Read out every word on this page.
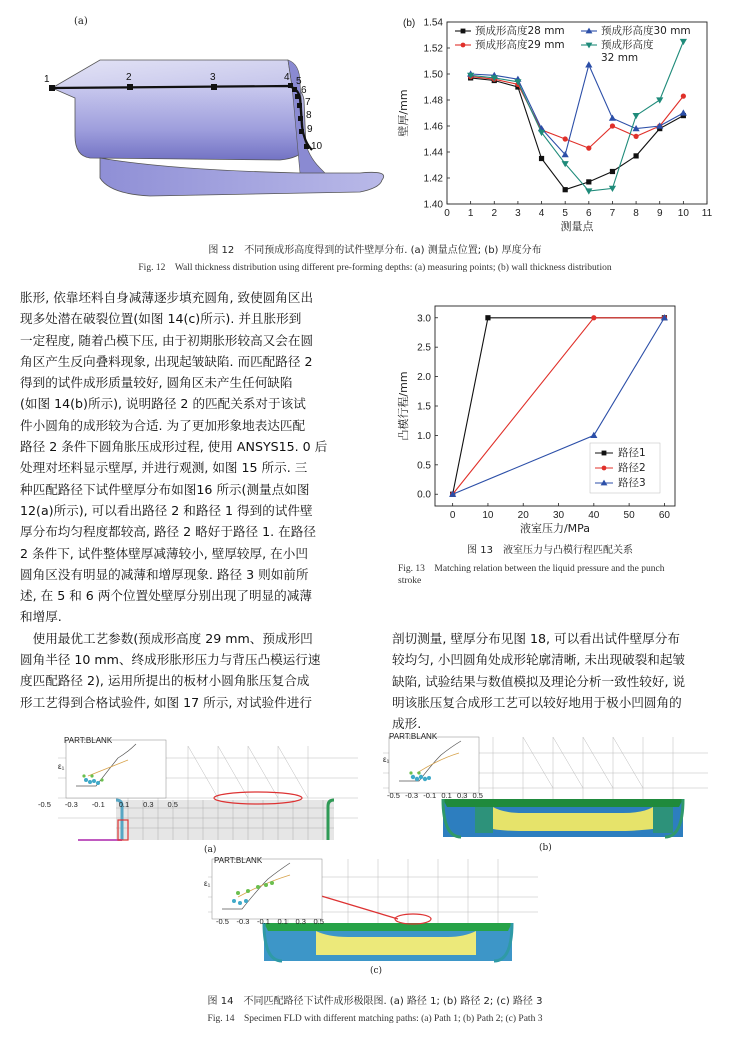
1	2	3	4 5
6
7
8
9
10
(a)
0 1 2 3 4 5 6 7 8 9 10 11
1.40
1.42
1.44
1.46
1.48
1.50
1.52
1.54
测量点
壁厚/mm
预成形高度28 mm
预成形高度29 mm
预成形高度30 mm
预成形高度
32 mm
(b)
图 12　不同预成形高度得到的试件壁厚分布. (a) 测量点位置; (b) 厚度分布
Fig. 12　Wall thickness distribution using different pre-forming depths: (a) measuring points; (b) wall thickness distribution
胀形, 依靠坯料自身减薄逐步填充圆角, 致使圆角区出
现多处潜在破裂位置(如图 14(c)所示). 并且胀形到
一定程度, 随着凸模下压, 由于初期胀形较高又会在圆
角区产生反向叠料现象, 出现起皱缺陷. 而匹配路径 2
得到的试件成形质量较好, 圆角区未产生任何缺陷
(如图 14(b)所示), 说明路径 2 的匹配关系对于该试
件小圆角的成形较为合适. 为了更加形象地表达匹配
路径 2 条件下圆角胀压成形过程, 使用 ANSYS15. 0 后
处理对坯料显示壁厚, 并进行观测, 如图 15 所示. 三
种匹配路径下试件壁厚分布如图16 所示(测量点如图
12(a)所示), 可以看出路径 2 和路径 1 得到的试件壁
厚分布均匀程度都较高, 路径 2 略好于路径 1. 在路径
2 条件下, 试件整体壁厚减薄较小, 壁厚较厚, 在小凹
圆角区没有明显的减薄和增厚现象. 路径 3 则如前所
述, 在 5 和 6 两个位置处壁厚分别出现了明显的减薄
和增厚.
　使用最优工艺参数(预成形高度 29 mm、预成形凹
圆角半径 10 mm、终成形胀形压力与背压凸模运行速
度匹配路径 2), 运用所提出的板材小圆角胀压复合成
形工艺得到合格试验件, 如图 17 所示, 对试验件进行
0	10 20 30 40 50 60
0.0
0.5
1.0
1.5
2.0
2.5
3.0
液室压力/MPa
凸模行程/mm
路径1
路径2
路径3
图 13　液室压力与凸模行程匹配关系
Fig. 13　Matching relation between the liquid pressure and the punch
stroke
剖切测量, 壁厚分布见图 18, 可以看出试件壁厚分布
较均匀, 小凹圆角处成形轮廓清晰, 未出现破裂和起皱
缺陷, 试验结果与数值模拟及理论分析一致性较好, 说
明该胀压复合成形工艺可以较好地用于极小凹圆角的
成形.
PART:BLANK
ε₁
-0.5 -0.3 -0.1 0.1 0.3 0.5
(a)
PART:BLANK
ε₁
-0.5 -0.3 -0.1 0.1 0.3 0.5
(b)
PART:BLANK
ε₁
-0.5 -0.3 -0.1 0.1 0.3 0.5
(c)
图 14　不同匹配路径下试件成形极限图. (a) 路径 1; (b) 路径 2; (c) 路径 3
Fig. 14　Specimen FLD with different matching paths: (a) Path 1; (b) Path 2; (c) Path 3
